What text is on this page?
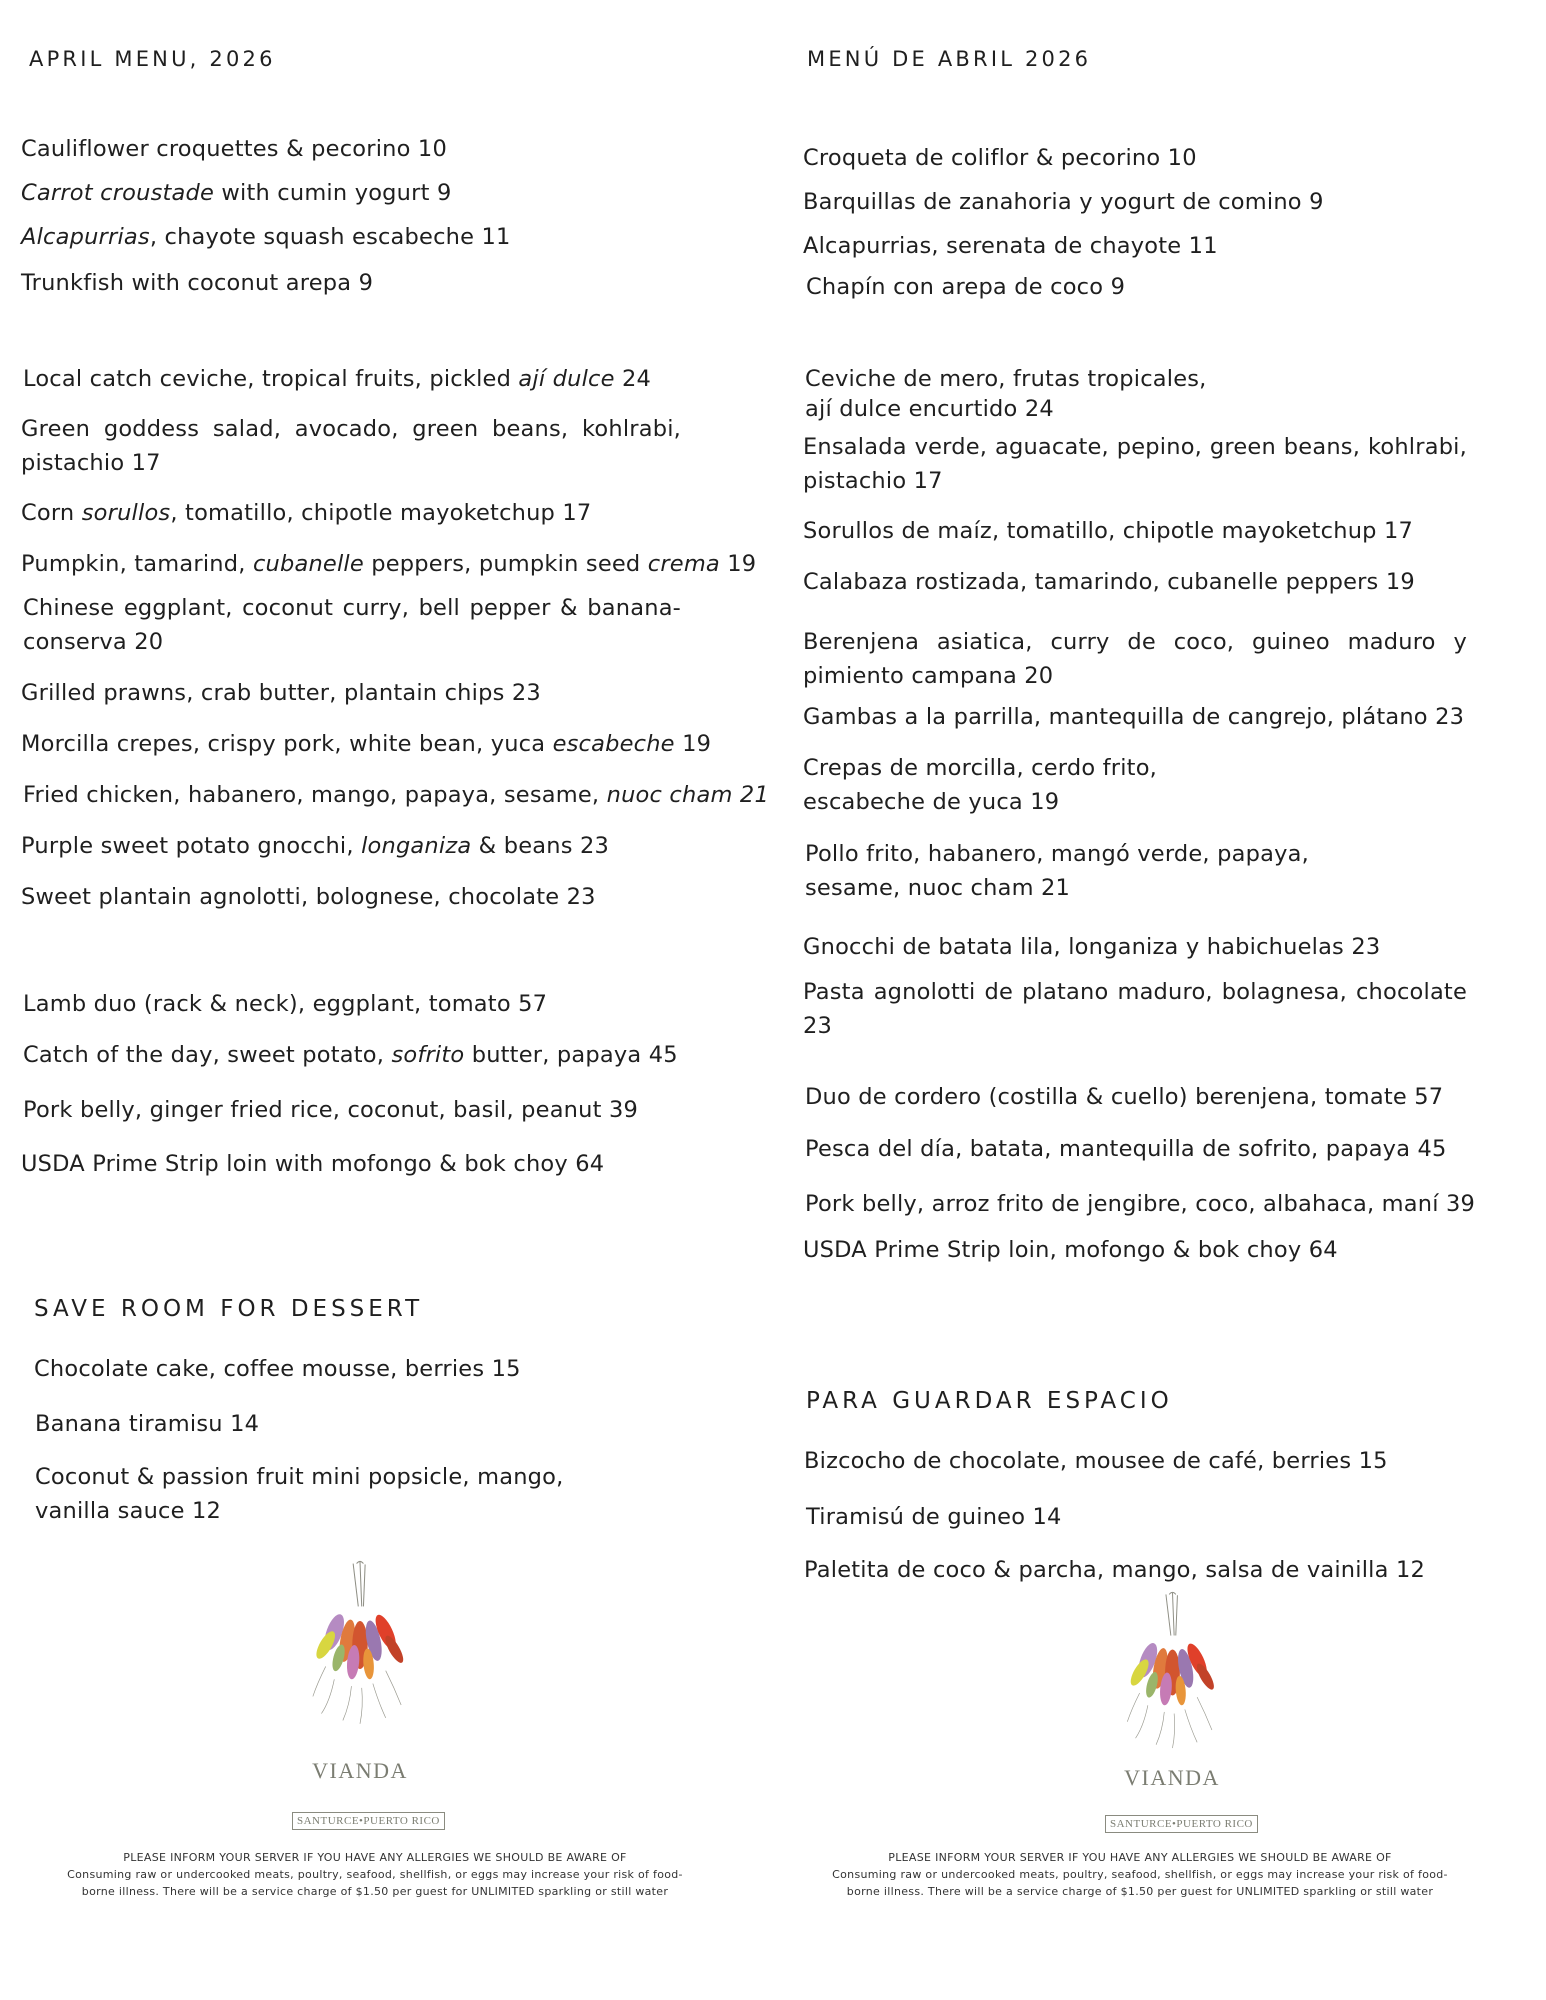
APRIL MENU, 2026
Cauliflower croquettes & pecorino 10
Carrot croustade with cumin yogurt 9
Alcapurrias, chayote squash escabeche 11
Trunkfish with coconut arepa 9
Local catch ceviche, tropical fruits, pickled ají dulce 24
Green goddess salad, avocado, green beans, kohlrabi, pistachio 17
Corn sorullos, tomatillo, chipotle mayoketchup 17
Pumpkin, tamarind, cubanelle peppers, pumpkin seed crema 19
Chinese eggplant, coconut curry, bell pepper & banana-conserva 20
Grilled prawns, crab butter, plantain chips 23
Morcilla crepes, crispy pork, white bean, yuca escabeche 19
Fried chicken, habanero, mango, papaya, sesame, nuoc cham 21
Purple sweet potato gnocchi, longaniza & beans 23
Sweet plantain agnolotti, bolognese, chocolate 23
Lamb duo (rack & neck), eggplant, tomato 57
Catch of the day, sweet potato, sofrito butter, papaya 45
Pork belly, ginger fried rice, coconut, basil, peanut 39
USDA Prime Strip loin with mofongo & bok choy 64
SAVE ROOM FOR DESSERT
Chocolate cake, coffee mousse, berries 15
Banana tiramisu 14
Coconut & passion fruit mini popsicle, mango, vanilla sauce 12
VIANDA
SANTURCE•PUERTO RICO
PLEASE INFORM YOUR SERVER IF YOU HAVE ANY ALLERGIES WE SHOULD BE AWARE OF
Consuming raw or undercooked meats, poultry, seafood, shellfish, or eggs may increase your risk of food-
borne illness. There will be a service charge of $1.50 per guest for UNLIMITED sparkling or still water
MENÚ DE ABRIL 2026
Croqueta de coliflor & pecorino 10
Barquillas de zanahoria y yogurt de comino 9
Alcapurrias, serenata de chayote 11
Chapín con arepa de coco 9
Ceviche de mero, frutas tropicales,
ají dulce encurtido 24
Ensalada verde, aguacate, pepino, green beans, kohlrabi, pistachio 17
Sorullos de maíz, tomatillo, chipotle mayoketchup 17
Calabaza rostizada, tamarindo, cubanelle peppers 19
Berenjena asiatica, curry de coco, guineo maduro y pimiento campana 20
Gambas a la parrilla, mantequilla de cangrejo, plátano 23
Crepas de morcilla, cerdo frito,
escabeche de yuca 19
Pollo frito, habanero, mangó verde, papaya,
sesame, nuoc cham 21
Gnocchi de batata lila, longaniza y habichuelas 23
Pasta agnolotti de platano maduro, bolagnesa, chocolate 23
Duo de cordero (costilla & cuello) berenjena, tomate 57
Pesca del día, batata, mantequilla de sofrito, papaya 45
Pork belly, arroz frito de jengibre, coco, albahaca, maní 39
USDA Prime Strip loin, mofongo & bok choy 64
PARA GUARDAR ESPACIO
Bizcocho de chocolate, mousee de café, berries 15
Tiramisú de guineo 14
Paletita de coco & parcha, mango, salsa de vainilla 12
VIANDA
SANTURCE•PUERTO RICO
PLEASE INFORM YOUR SERVER IF YOU HAVE ANY ALLERGIES WE SHOULD BE AWARE OF
Consuming raw or undercooked meats, poultry, seafood, shellfish, or eggs may increase your risk of food-
borne illness. There will be a service charge of $1.50 per guest for UNLIMITED sparkling or still water
